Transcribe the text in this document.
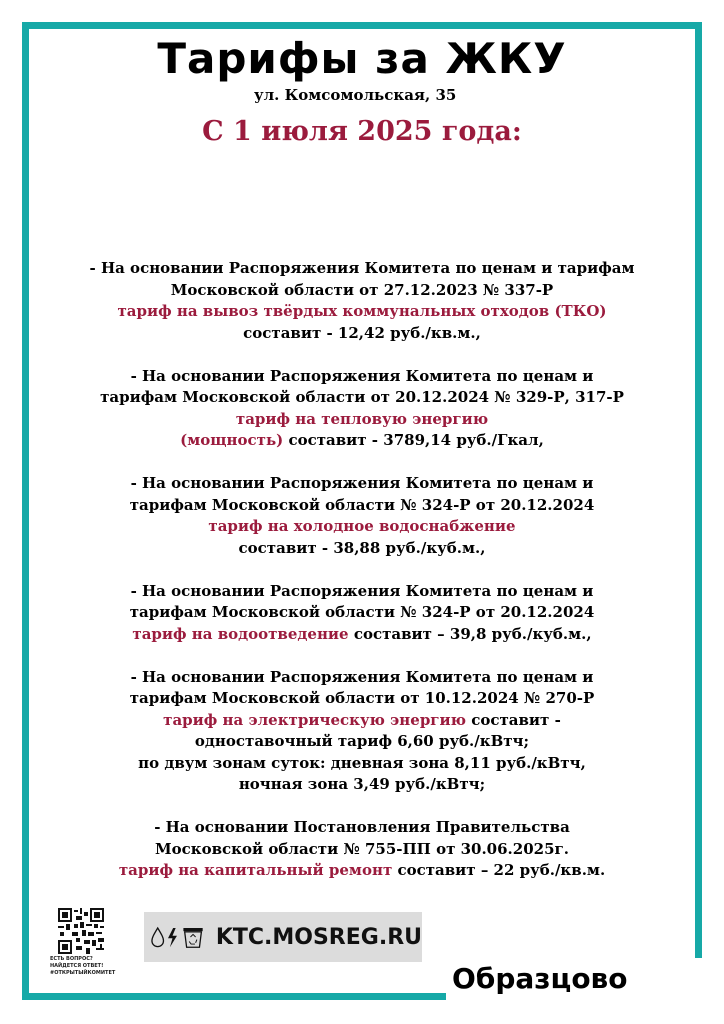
Тарифы за ЖКУ
ул. Комсомольская, 35
С 1 июля 2025 года:
- На основании Распоряжения Комитета по ценам и тарифам
Московской области от 27.12.2023 № 337-Р
тариф на вывоз твёрдых коммунальных отходов (ТКО)
составит - 12,42 руб./кв.м.,
- На основании Распоряжения Комитета по ценам и
тарифам Московской области от 20.12.2024 № 329-Р, 317-Р
тариф на тепловую энергию
(мощность) составит - 3789,14 руб./Гкал,
- На основании Распоряжения Комитета по ценам и
тарифам Московской области № 324-Р от 20.12.2024
тариф на холодное водоснабжение
составит - 38,88 руб./куб.м.,
- На основании Распоряжения Комитета по ценам и
тарифам Московской области № 324-Р от 20.12.2024
тариф на водоотведение составит – 39,8 руб./куб.м.,
- На основании Распоряжения Комитета по ценам и
тарифам Московской области от 10.12.2024 № 270-Р
тариф на электрическую энергию составит -
одноставочный тариф 6,60 руб./кВтч;
по двум зонам суток: дневная зона 8,11 руб./кВтч,
ночная зона 3,49 руб./кВтч;
- На основании Постановления Правительства
Московской области № 755-ПП от 30.06.2025г.
тариф на капитальный ремонт составит – 22 руб./кв.м.
ЕСТЬ ВОПРОС? НАЙДЕТСЯ ОТВЕТ!
#ОТКРЫТЫЙКОМИТЕТ
KTC.MOSREG.RU
Образцово
